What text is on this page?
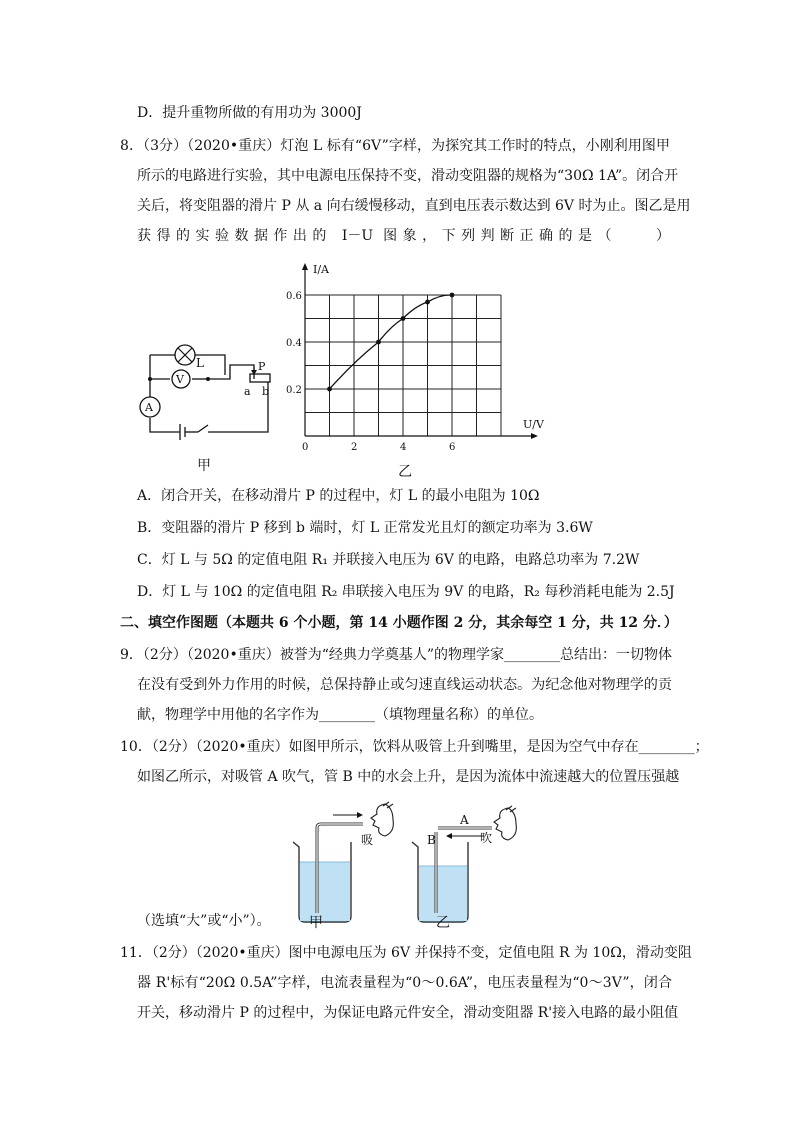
D．提升重物所做的有用功为 3000J
8．（3分）（2020•重庆）灯泡 L 标有“6V”字样，为探究其工作时的特点，小刚利用图甲
所示的电路进行实验，其中电源电压保持不变，滑动变阻器的规格为“30Ω 1A”。闭合开
关后，将变阻器的滑片 P 从 a 向右缓慢移动，直到电压表示数达到 6V 时为止。图乙是用
获得的实验数据作出的 I－U 图象，下列判断正确的是（　　）
L
V
A
P
a b
甲
U/V
I/A
0	2	4	6
0.2
0.4
0.6
乙
A．闭合开关，在移动滑片 P 的过程中，灯 L 的最小电阻为 10Ω
B．变阻器的滑片 P 移到 b 端时，灯 L 正常发光且灯的额定功率为 3.6W
C．灯 L 与 5Ω 的定值电阻 R₁ 并联接入电压为 6V 的电路，电路总功率为 7.2W
D．灯 L 与 10Ω 的定值电阻 R₂ 串联接入电压为 9V 的电路，R₂ 每秒消耗电能为 2.5J
二、填空作图题（本题共 6 个小题，第 14 小题作图 2 分，其余每空 1 分，共 12 分．）
9．（2分）（2020•重庆）被誉为“经典力学奠基人”的物理学家________总结出：一切物体
在没有受到外力作用的时候，总保持静止或匀速直线运动状态。为纪念他对物理学的贡
献，物理学中用他的名字作为________（填物理量名称）的单位。
10．（2分）（2020•重庆）如图甲所示，饮料从吸管上升到嘴里，是因为空气中存在________；
如图乙所示，对吸管 A 吹气，管 B 中的水会上升，是因为流体中流速越大的位置压强越
吸
甲
A
B	吹
乙
（选填“大”或“小”）。
11．（2分）（2020•重庆）图中电源电压为 6V 并保持不变，定值电阻 R 为 10Ω，滑动变阻
器 R'标有“20Ω 0.5A”字样，电流表量程为“0～0.6A”，电压表量程为“0～3V”，闭合
开关，移动滑片 P 的过程中，为保证电路元件安全，滑动变阻器 R'接入电路的最小阻值
